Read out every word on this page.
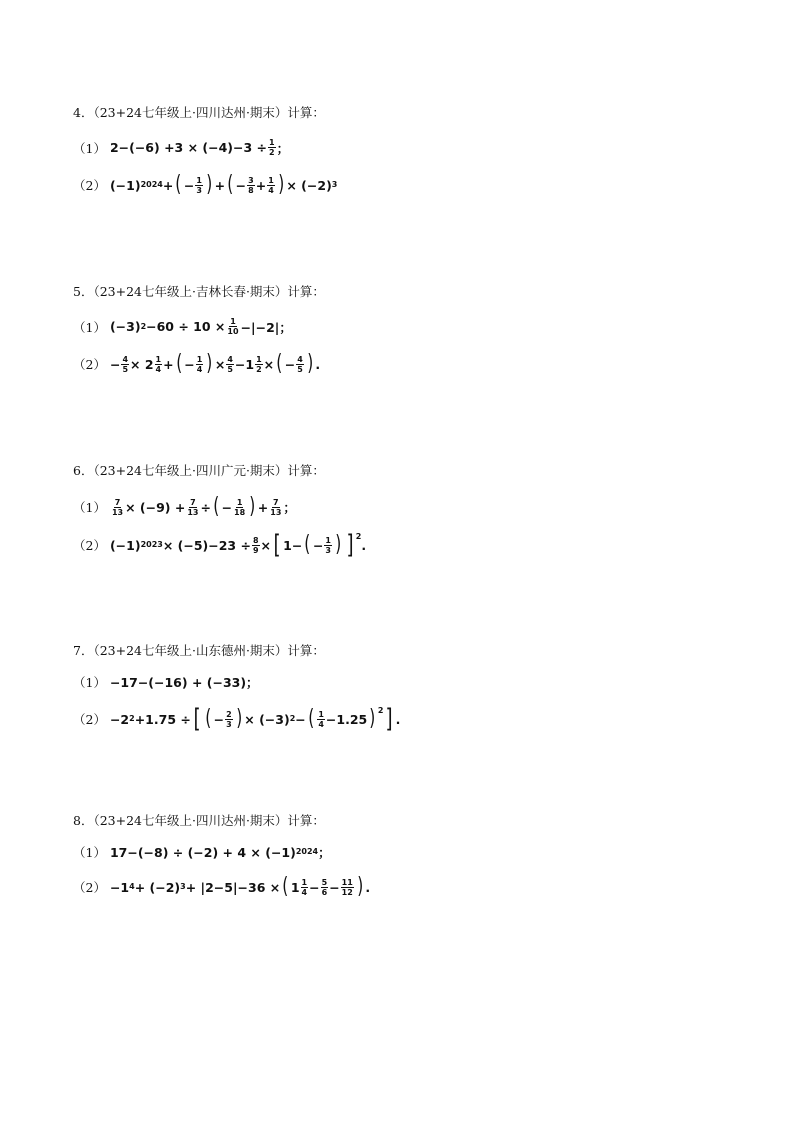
4．（23+24七年级上·四川达州·期末）计算：
（1） $2-(-6) +3 \times (-4)-3 \div \frac{1}{2}$ ；
（2） (−1) 2024 + ( − $\frac{1}{3}$ ) + ( − $\frac{3}{8} + \frac{1}{4}$ ) × (−2) 3
5．（23+24七年级上·吉林长春·期末）计算：
（1） (−3) $2 -60 \div 10 \times \frac{1}{10} -|-2|$；
$(2) - \frac{4}{5} \times 2 \frac{1}{4}$ + ( − $\frac{1}{4}$ ) × $\frac{4}{5} -1 \frac{1}{2}$ × ( − $\frac{4}{5}$ ) .
6．（23+24七年级上·四川广元·期末）计算：
$(1) \frac{7}{13} \times (-9) + \frac{7}{13}$ ÷ ( − $\frac{1}{18}$ ) + $\frac{7}{13}$ ；
（2） (−1) $2023 \times (-5)-23 \div \frac{8}{9}$ × [ 1− ( − $\frac{1}{3}$ ) ] $^2$
.
7．（23+24七年级上·山东德州·期末）计算：
（1） −17−(−16) + (−33)；
（2） −2 2 +1.75 ÷ [ ( − $\frac{2}{3}$ ) × (−3) 2 − ( $\frac{1}{4} -1.25$ ) $^2$ ] .
8．（23+24七年级上·四川达州·期末）计算：
（1） 17−(−8) ÷ (−2) + 4 × (−1) 2024 ；
（2） −1 4 + (−2) 3 + |2−5|−36 × ( $1 \frac{1}{4} - \frac{5}{6} - \frac{11}{12}$ ) .
